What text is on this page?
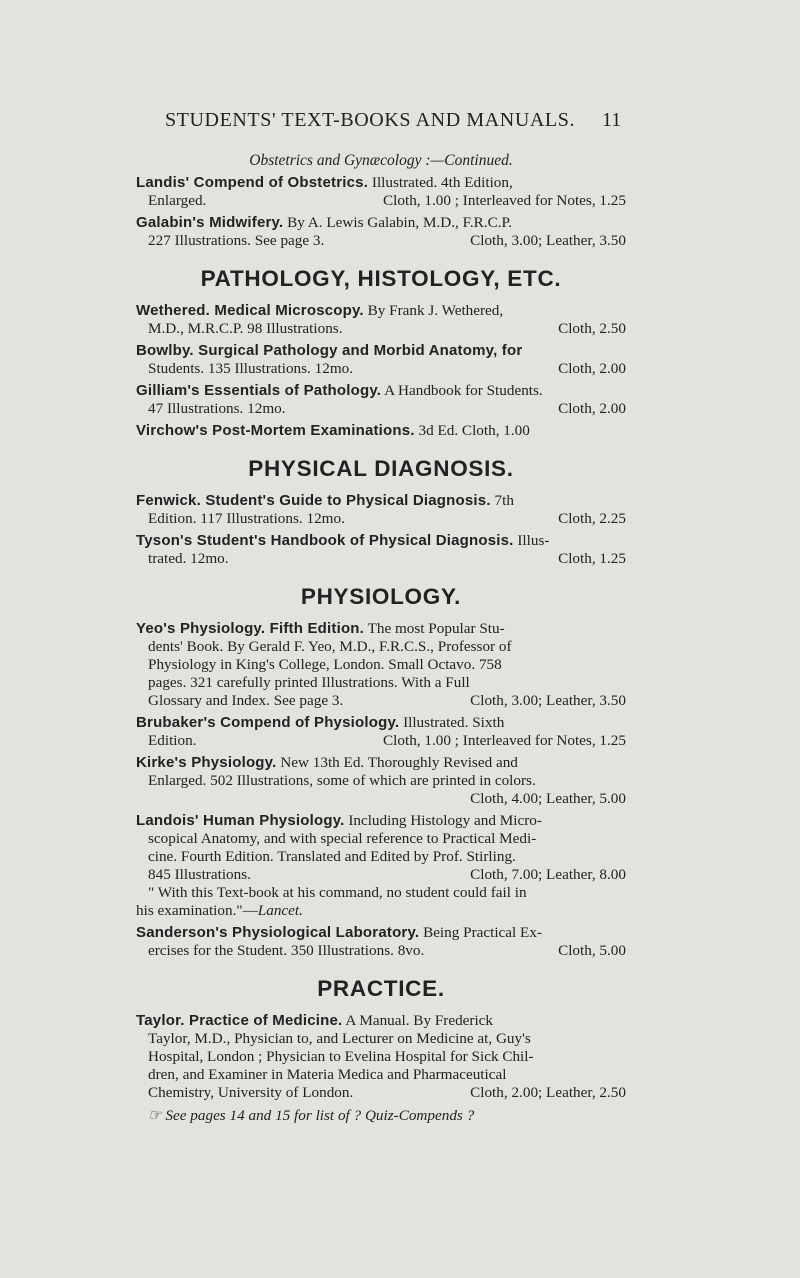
STUDENTS' TEXT-BOOKS AND MANUALS.	11
Obstetrics and Gynæcology :—Continued.
Landis' Compend of Obstetrics. Illustrated. 4th Edition,
Enlarged.	Cloth, 1.00 ; Interleaved for Notes, 1.25
Galabin's Midwifery. By A. Lewis Galabin, M.D., F.R.C.P.
227 Illustrations. See page 3.	Cloth, 3.00; Leather, 3.50
PATHOLOGY, HISTOLOGY, ETC.
Wethered. Medical Microscopy. By Frank J. Wethered,
M.D., M.R.C.P. 98 Illustrations.	Cloth, 2.50
Bowlby. Surgical Pathology and Morbid Anatomy, for
Students. 135 Illustrations. 12mo.	Cloth, 2.00
Gilliam's Essentials of Pathology. A Handbook for Students.
47 Illustrations. 12mo.	Cloth, 2.00
Virchow's Post-Mortem Examinations. 3d Ed. Cloth, 1.00
PHYSICAL DIAGNOSIS.
Fenwick. Student's Guide to Physical Diagnosis. 7th
Edition. 117 Illustrations. 12mo.	Cloth, 2.25
Tyson's Student's Handbook of Physical Diagnosis. Illus-
trated. 12mo.	Cloth, 1.25
PHYSIOLOGY.
Yeo's Physiology. Fifth Edition. The most Popular Stu-
dents' Book. By Gerald F. Yeo, M.D., F.R.C.S., Professor of
Physiology in King's College, London. Small Octavo. 758
pages. 321 carefully printed Illustrations. With a Full
Glossary and Index. See page 3.	Cloth, 3.00; Leather, 3.50
Brubaker's Compend of Physiology. Illustrated. Sixth
Edition.	Cloth, 1.00 ; Interleaved for Notes, 1.25
Kirke's Physiology. New 13th Ed. Thoroughly Revised and
Enlarged. 502 Illustrations, some of which are printed in colors.
Cloth, 4.00; Leather, 5.00
Landois' Human Physiology. Including Histology and Micro-
scopical Anatomy, and with special reference to Practical Medi-
cine. Fourth Edition. Translated and Edited by Prof. Stirling.
845 Illustrations.	Cloth, 7.00; Leather, 8.00
" With this Text-book at his command, no student could fail in
his examination."—Lancet.
Sanderson's Physiological Laboratory. Being Practical Ex-
ercises for the Student. 350 Illustrations. 8vo.	Cloth, 5.00
PRACTICE.
Taylor. Practice of Medicine. A Manual. By Frederick
Taylor, M.D., Physician to, and Lecturer on Medicine at, Guy's
Hospital, London ; Physician to Evelina Hospital for Sick Chil-
dren, and Examiner in Materia Medica and Pharmaceutical
Chemistry, University of London.	Cloth, 2.00; Leather, 2.50
☞ See pages 14 and 15 for list of ? Quiz-Compends ?
